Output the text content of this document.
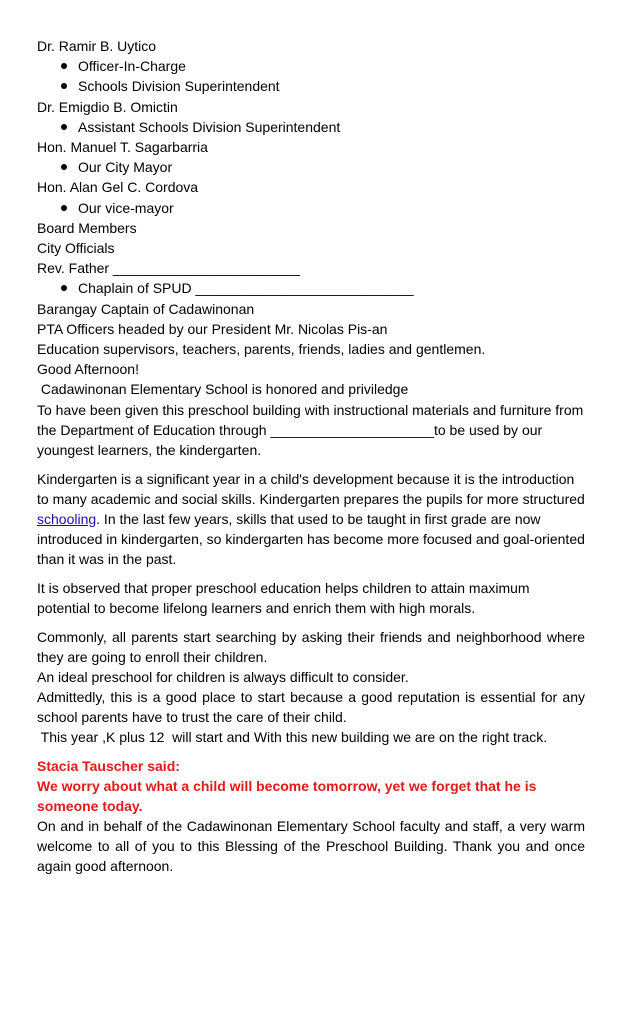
Dr. Ramir B. Uytico
Officer-In-Charge
Schools Division Superintendent
Dr. Emigdio B. Omictin
Assistant Schools Division Superintendent
Hon. Manuel T. Sagarbarria
Our City Mayor
Hon. Alan Gel C. Cordova
Our vice-mayor
Board Members
City Officials
Rev. Father ________________________
Chaplain of SPUD ____________________________
Barangay Captain of Cadawinonan
PTA Officers headed by our President Mr. Nicolas Pis-an
Education supervisors, teachers, parents, friends, ladies and gentlemen.
Good Afternoon!
Cadawinonan Elementary School is honored and priviledge
To have been given this preschool building with instructional materials and furniture from the Department of Education through _____________________to be used by our youngest learners, the kindergarten.
Kindergarten is a significant year in a child's development because it is the introduction to many academic and social skills. Kindergarten prepares the pupils for more structured schooling. In the last few years, skills that used to be taught in first grade are now introduced in kindergarten, so kindergarten has become more focused and goal-oriented than it was in the past.
It is observed that proper preschool education helps children to attain maximum potential to become lifelong learners and enrich them with high morals.
Commonly, all parents start searching by asking their friends and neighborhood where they are going to enroll their children.
An ideal preschool for children is always difficult to consider.
Admittedly, this is a good place to start because a good reputation is essential for any school parents have to trust the care of their child.
This year ,K plus 12  will start and With this new building we are on the right track.
Stacia Tauscher said:
We worry about what a child will become tomorrow, yet we forget that he is someone today.
On and in behalf of the Cadawinonan Elementary School faculty and staff, a very warm welcome to all of you to this Blessing of the Preschool Building. Thank you and once again good afternoon.
